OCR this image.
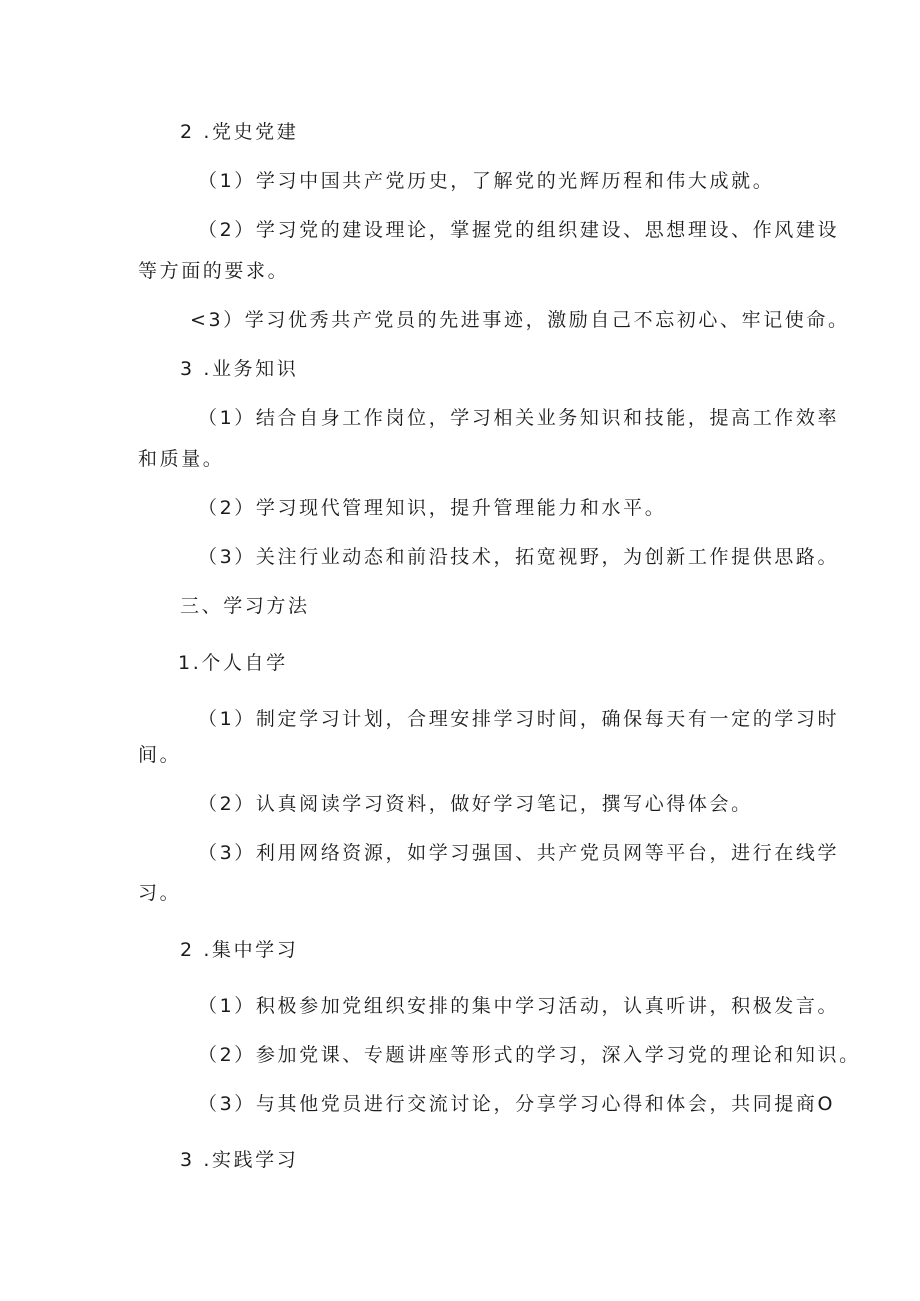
2 .党史党建
（1）学习中国共产党历史，了解党的光辉历程和伟大成就。
（2）学习党的建设理论，掌握党的组织建设、思想理设、作风建设
等方面的要求。
<3）学习优秀共产党员的先进事迹，激励自己不忘初心、牢记使命。
3 .业务知识
（1）结合自身工作岗位，学习相关业务知识和技能，提高工作效率
和质量。
（2）学习现代管理知识，提升管理能力和水平。
（3）关注行业动态和前沿技术，拓宽视野，为创新工作提供思路。
三、学习方法
1.个人自学
（1）制定学习计划，合理安排学习时间，确保每天有一定的学习时
间。
（2）认真阅读学习资料，做好学习笔记，撰写心得体会。
（3）利用网络资源，如学习强国、共产党员网等平台，进行在线学
习。
2 .集中学习
（1）积极参加党组织安排的集中学习活动，认真听讲，积极发言。
（2）参加党课、专题讲座等形式的学习，深入学习党的理论和知识。
（3）与其他党员进行交流讨论，分享学习心得和体会，共同提商O
3 .实践学习
